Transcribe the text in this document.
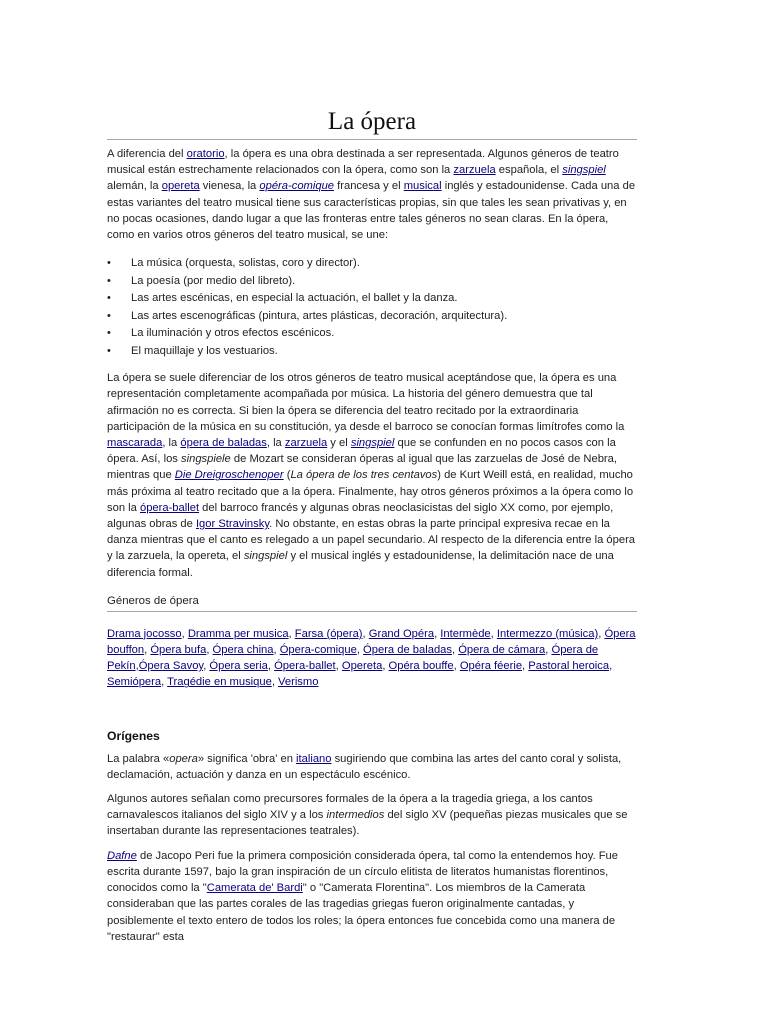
La ópera

A diferencia del oratorio, la ópera es una obra destinada a ser representada. Algunos géneros de teatro musical están estrechamente relacionados con la ópera, como son la zarzuela española, el singspiel alemán, la opereta vienesa, la opéra-comique francesa y el musical inglés y estadounidense. Cada una de estas variantes del teatro musical tiene sus características propias, sin que tales les sean privativas y, en no pocas ocasiones, dando lugar a que las fronteras entre tales géneros no sean claras. En la ópera, como en varios otros géneros del teatro musical, se une:

• La música (orquesta, solistas, coro y director).
• La poesía (por medio del libreto).
• Las artes escénicas, en especial la actuación, el ballet y la danza.
• Las artes escenográficas (pintura, artes plásticas, decoración, arquitectura).
• La iluminación y otros efectos escénicos.
• El maquillaje y los vestuarios.

La ópera se suele diferenciar de los otros géneros de teatro musical aceptándose que, la ópera es una representación completamente acompañada por música. La historia del género demuestra que tal afirmación no es correcta. Si bien la ópera se diferencia del teatro recitado por la extraordinaria participación de la música en su constitución, ya desde el barroco se conocían formas limítrofes como la mascarada, la ópera de baladas, la zarzuela y el singspiel que se confunden en no pocos casos con la ópera. Así, los singspiele de Mozart se consideran óperas al igual que las zarzuelas de José de Nebra, mientras que Die Dreigroschenoper (La ópera de los tres centavos) de Kurt Weill está, en realidad, mucho más próxima al teatro recitado que a la ópera. Finalmente, hay otros géneros próximos a la ópera como lo son la ópera-ballet del barroco francés y algunas obras neoclasicistas del siglo XX como, por ejemplo, algunas obras de Igor Stravinsky. No obstante, en estas obras la parte principal expresiva recae en la danza mientras que el canto es relegado a un papel secundario. Al respecto de la diferencia entre la ópera y la zarzuela, la opereta, el singspiel y el musical inglés y estadounidense, la delimitación nace de una diferencia formal.

Géneros de ópera
Drama jocosso, Dramma per musica, Farsa (ópera), Grand Opéra, Intermède, Intermezzo (música), Ópera bouffon, Ópera bufa, Ópera china, Ópera-comique, Ópera de baladas, Ópera de cámara, Ópera de Pekín,Ópera Savoy, Ópera seria, Ópera-ballet, Opereta, Opéra bouffe, Opéra féerie, Pastoral heroica, Semiópera, Tragédie en musique, Verismo
Orígenes

La palabra «opera» significa 'obra' en italiano sugiriendo que combina las artes del canto coral y solista, declamación, actuación y danza en un espectáculo escénico.

Algunos autores señalan como precursores formales de la ópera a la tragedia griega, a los cantos carnavalescos italianos del siglo XIV y a los intermedios del siglo XV (pequeñas piezas musicales que se insertaban durante las representaciones teatrales).

Dafne de Jacopo Peri fue la primera composición considerada ópera, tal como la entendemos hoy. Fue escrita durante 1597, bajo la gran inspiración de un círculo elitista de literatos humanistas florentinos, conocidos como la "Camerata de' Bardi" o "Camerata Florentina". Los miembros de la Camerata consideraban que las partes corales de las tragedias griegas fueron originalmente cantadas, y posiblemente el texto entero de todos los roles; la ópera entonces fue concebida como una manera de "restaurar" esta
